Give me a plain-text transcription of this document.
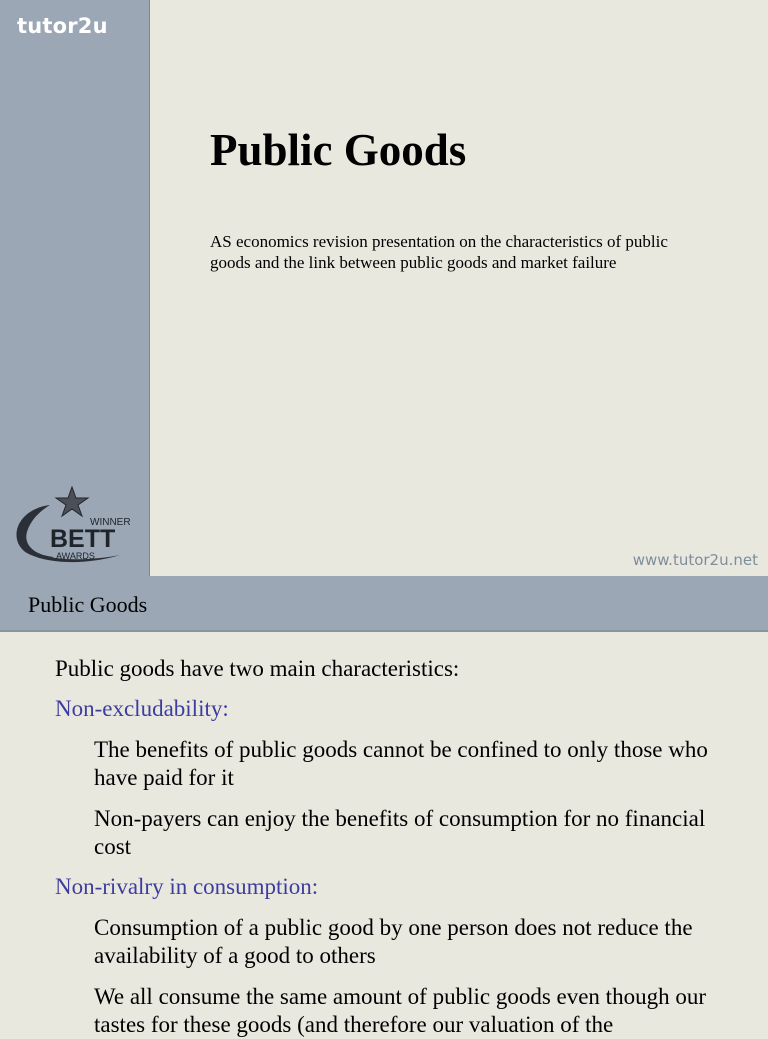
tutor2u
WINNER
BETT
AWARDS
Public Goods

AS economics revision presentation on the characteristics of public goods and the link between public goods and market failure

www.tutor2u.net
Public Goods
Public goods have two main characteristics:
Non-excludability:
The benefits of public goods cannot be confined to only those who have paid for it
Non-payers can enjoy the benefits of consumption for no financial cost
Non-rivalry in consumption:
Consumption of a public good by one person does not reduce the availability of a good to others
We all consume the same amount of public goods even though our tastes for these goods (and therefore our valuation of the
